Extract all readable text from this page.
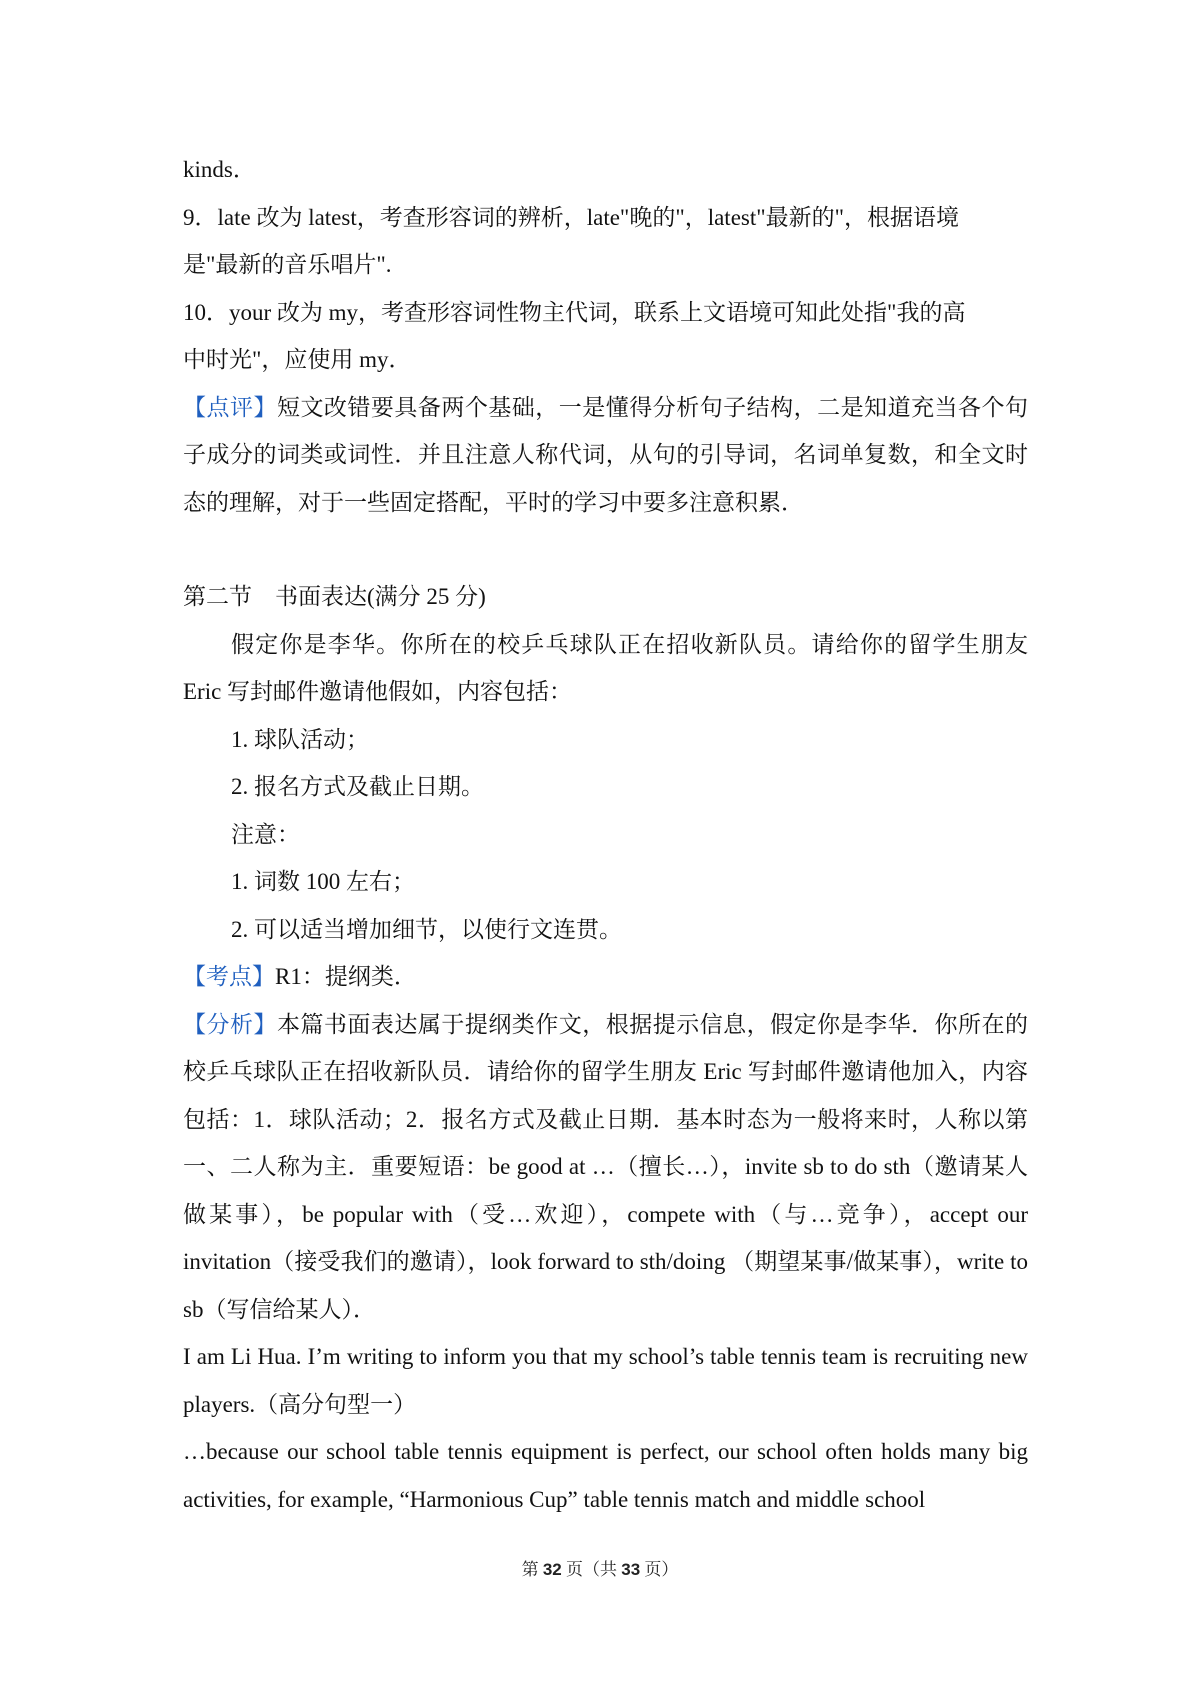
kinds．

9．late 改为 latest，考查形容词的辨析，late"晚的"，latest"最新的"，根据语境

是"最新的音乐唱片".

10．your 改为 my，考查形容词性物主代词，联系上文语境可知此处指"我的高

中时光"，应使用 my．

【点评】短文改错要具备两个基础，一是懂得分析句子结构，二是知道充当各个句子成分的词类或词性．并且注意人称代词，从句的引导词，名词单复数，和全文时态的理解，对于一些固定搭配，平时的学习中要多注意积累．

第二节　书面表达(满分 25 分)

假定你是李华。你所在的校乒乓球队正在招收新队员。请给你的留学生朋友 Eric 写封邮件邀请他假如，内容包括：

1. 球队活动；

2. 报名方式及截止日期。

注意：

1. 词数 100 左右；

2. 可以适当增加细节，以使行文连贯。

【考点】R1：提纲类．

【分析】本篇书面表达属于提纲类作文，根据提示信息，假定你是李华．你所在的校乒乓球队正在招收新队员．请给你的留学生朋友 Eric 写封邮件邀请他加入，内容包括：1．球队活动；2．报名方式及截止日期．基本时态为一般将来时，人称以第一、二人称为主．重要短语：be good at …（擅长…），invite sb to do sth（邀请某人做某事），be popular with（受…欢迎），compete with（与…竞争），accept our invitation（接受我们的邀请），look forward to sth/doing （期望某事/做某事），write to sb（写信给某人）．

I am Li Hua. I’m writing to inform you that my school’s table tennis team is recruiting new players.（高分句型一）

…because our school table tennis equipment is perfect, our school often holds many big activities, for example, “Harmonious Cup” table tennis match and middle school

第 32 页（共 33 页）
